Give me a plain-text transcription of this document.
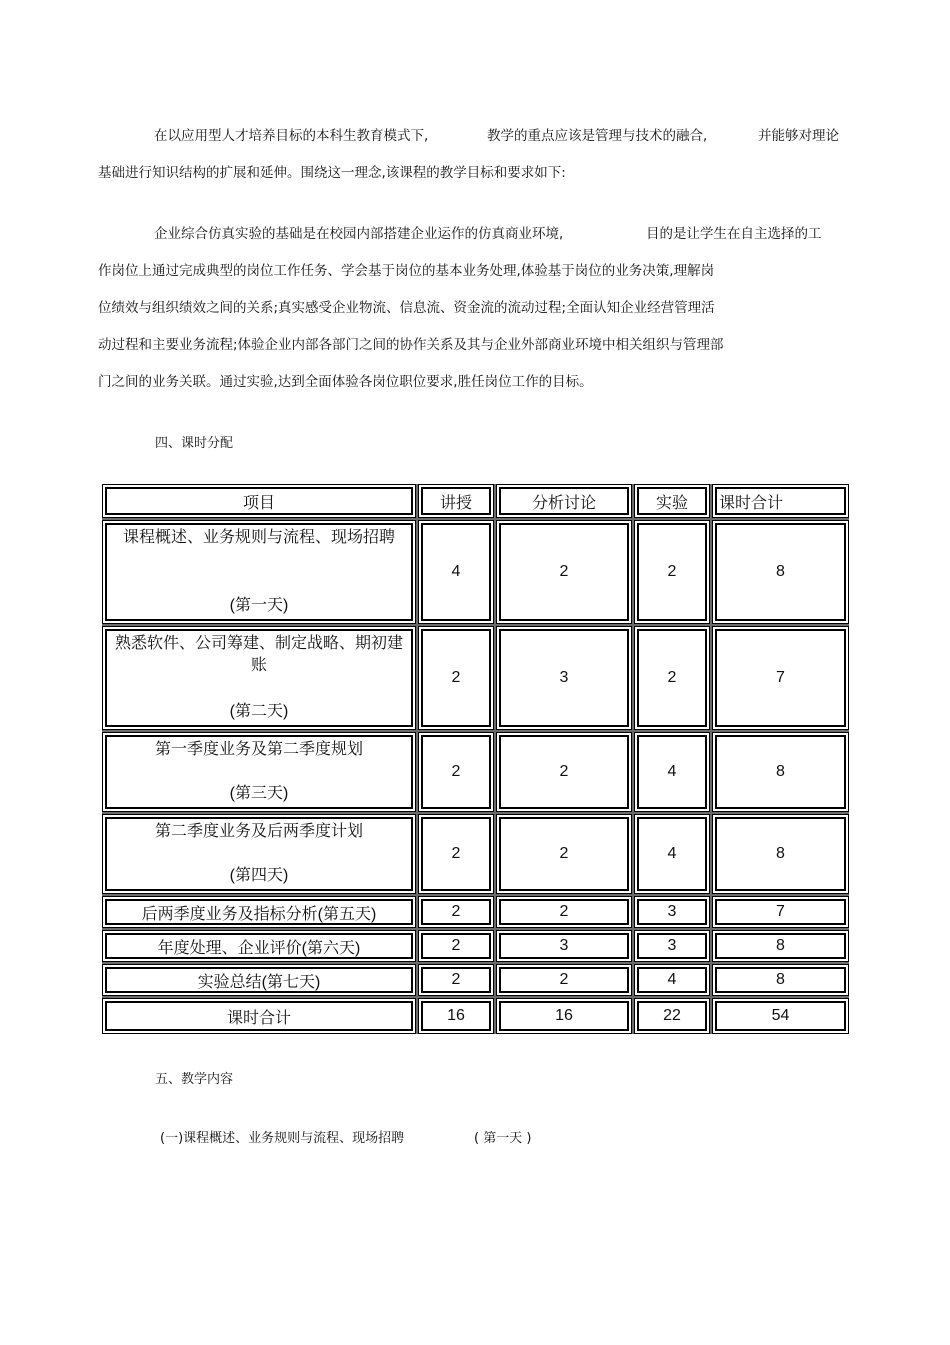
在以应用型人才培养目标的本科生教育模式下,	教学的重点应该是管理与技术的融合,	并能够对理论
基础进行知识结构的扩展和延伸。围绕这一理念,该课程的教学目标和要求如下:
企业综合仿真实验的基础是在校园内部搭建企业运作的仿真商业环境,	目的是让学生在自主选择的工
作岗位上通过完成典型的岗位工作任务、学会基于岗位的基本业务处理,体验基于岗位的业务决策,理解岗
位绩效与组织绩效之间的关系;真实感受企业物流、信息流、资金流的流动过程;全面认知企业经营管理活
动过程和主要业务流程;体验企业内部各部门之间的协作关系及其与企业外部商业环境中相关组织与管理部
门之间的业务关联。通过实验,达到全面体验各岗位职位要求,胜任岗位工作的目标。
四、课时分配
项目	讲授	分析讨论	实验	课时合计
课程概述、业务规则与流程、现场招聘
(第一天)
4	2	2	8
熟悉软件、公司筹建、制定战略、期初建账
(第二天)
2	3	2	7
第一季度业务及第二季度规划
(第三天)
2	2	4	8
第二季度业务及后两季度计划
(第四天)
2	2	4	8
后两季度业务及指标分析(第五天)	2	2	3	7
年度处理、企业评价(第六天)	2	3	3	8
实验总结(第七天)	2	2	4	8
课时合计	16	16	22	54
五、教学内容
(一)课程概述、业务规则与流程、现场招聘	( 第一天 )
